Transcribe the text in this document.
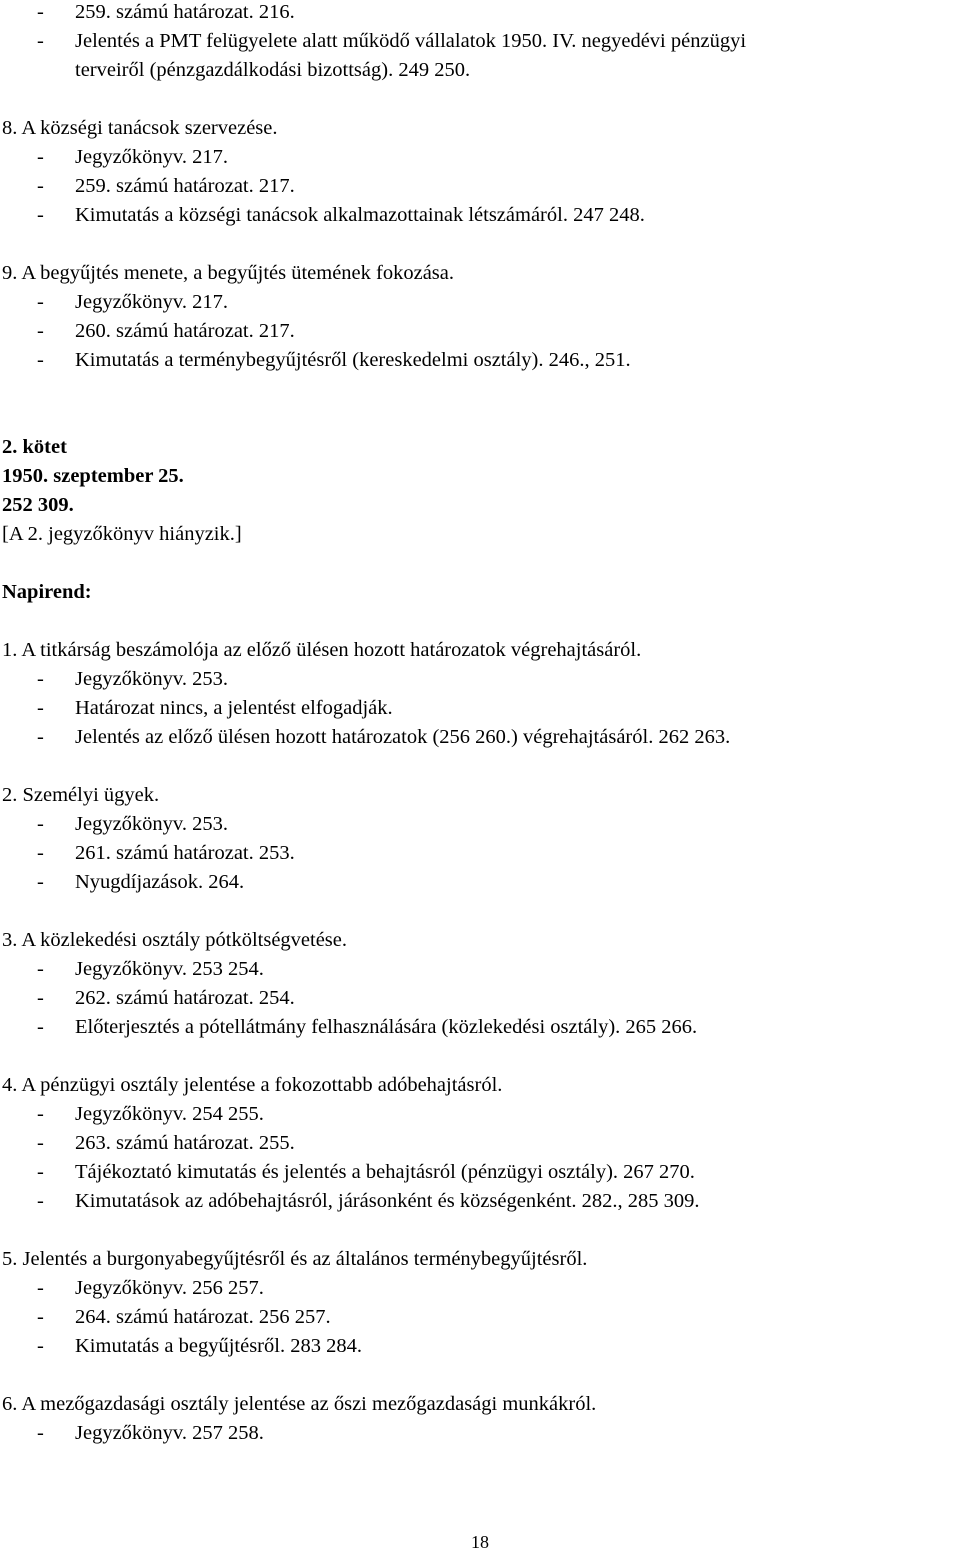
- 259. számú határozat. 216.
- Jelentés a PMT felügyelete alatt működő vállalatok 1950. IV. negyedévi pénzügyi
terveiről (pénzgazdálkodási bizottság). 249 250.
8. A községi tanácsok szervezése.
- Jegyzőkönyv. 217.
- 259. számú határozat. 217.
- Kimutatás a községi tanácsok alkalmazottainak létszámáról. 247 248.
9. A begyűjtés menete, a begyűjtés ütemének fokozása.
- Jegyzőkönyv. 217.
- 260. számú határozat. 217.
- Kimutatás a terménybegyűjtésről (kereskedelmi osztály). 246., 251.
2. kötet
1950. szeptember 25.
252 309.
[A 2. jegyzőkönyv hiányzik.]
Napirend:
1. A titkárság beszámolója az előző ülésen hozott határozatok végrehajtásáról.
- Jegyzőkönyv. 253.
- Határozat nincs, a jelentést elfogadják.
- Jelentés az előző ülésen hozott határozatok (256 260.) végrehajtásáról. 262 263.
2. Személyi ügyek.
- Jegyzőkönyv. 253.
- 261. számú határozat. 253.
- Nyugdíjazások. 264.
3. A közlekedési osztály pótköltségvetése.
- Jegyzőkönyv. 253 254.
- 262. számú határozat. 254.
- Előterjesztés a pótellátmány felhasználására (közlekedési osztály). 265 266.
4. A pénzügyi osztály jelentése a fokozottabb adóbehajtásról.
- Jegyzőkönyv. 254 255.
- 263. számú határozat. 255.
- Tájékoztató kimutatás és jelentés a behajtásról (pénzügyi osztály). 267 270.
- Kimutatások az adóbehajtásról, járásonként és községenként. 282., 285 309.
5. Jelentés a burgonyabegyűjtésről és az általános terménybegyűjtésről.
- Jegyzőkönyv. 256 257.
- 264. számú határozat. 256 257.
- Kimutatás a begyűjtésről. 283 284.
6. A mezőgazdasági osztály jelentése az őszi mezőgazdasági munkákról.
- Jegyzőkönyv. 257 258.
18
